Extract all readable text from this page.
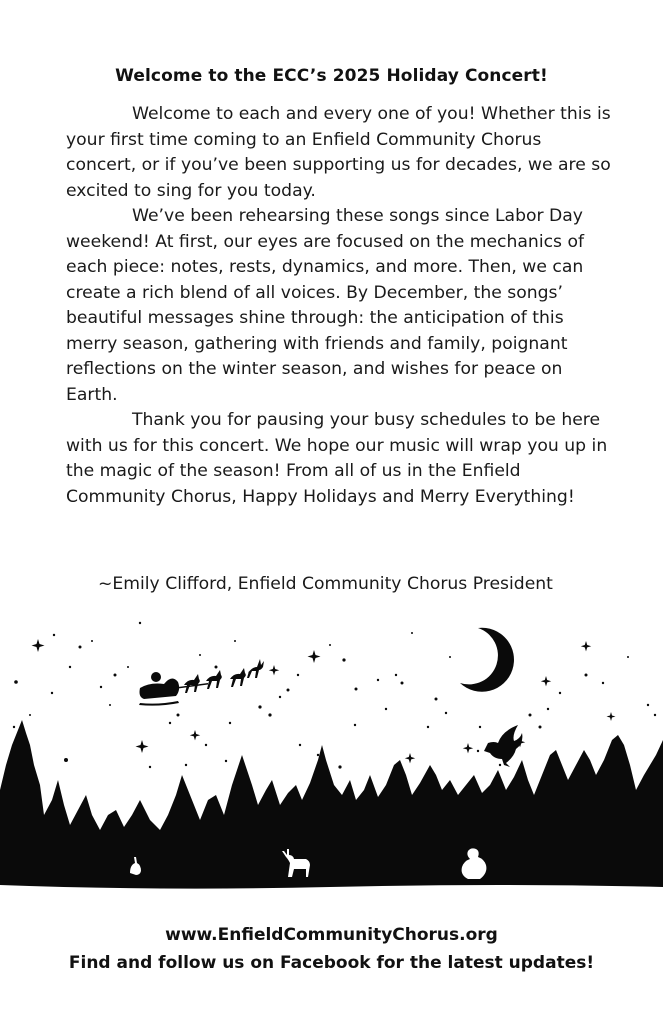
Welcome to the ECC’s 2025 Holiday Concert!

Welcome to each and every one of you! Whether this is your first time coming to an Enfield Community Chorus concert, or if you’ve been supporting us for decades, we are so excited to sing for you today.

We’ve been rehearsing these songs since Labor Day weekend! At first, our eyes are focused on the mechanics of each piece: notes, rests, dynamics, and more. Then, we can create a rich blend of all voices. By December, the songs’ beautiful messages shine through: the anticipation of this merry season, gathering with friends and family, poignant reflections on the winter season, and wishes for peace on Earth.

Thank you for pausing your busy schedules to be here with us for this concert. We hope our music will wrap you up in the magic of the season! From all of us in the Enfield Community Chorus, Happy Holidays and Merry Everything!

~Emily Clifford, Enfield Community Chorus President
www.EnfieldCommunityChorus.org
Find and follow us on Facebook for the latest updates!
